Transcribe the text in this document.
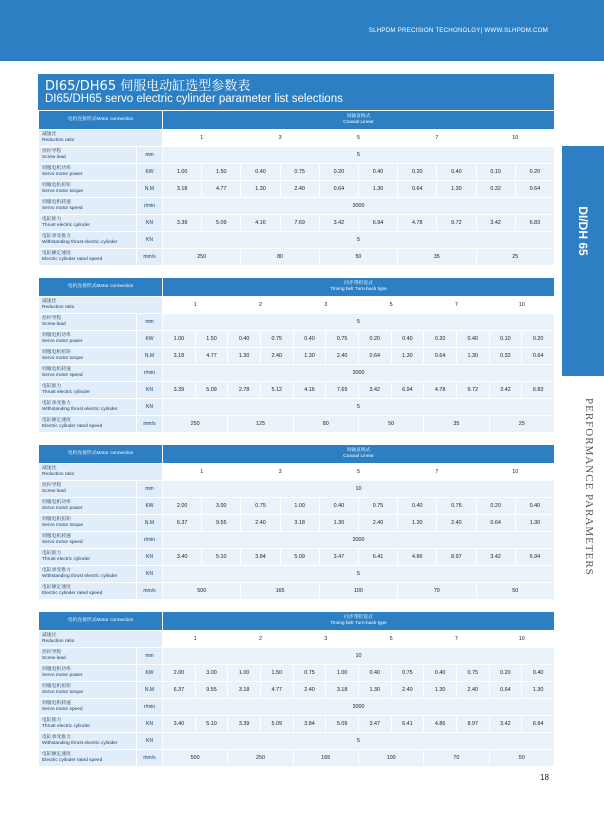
SLHPDM PRECISION TECHONOLGY| WWW.SLHPDM.COM
DI65/DH65 伺服电动缸选型参数表
DI65/DH65 servo electric cylinder parameter list selections
DI/DH 65
PERFORMANCE PARAMETERS
电机连接形式Motor connection		同轴直线式
Coaxial Linear									

减速比
Reduction ratio		1		3		5		7		10	

丝杆导程
Screw lead	mm	5									

伺服电机功率
Servo motor power	KW	1.00	1.50	0.40	0.75	0.20	0.40	0.20	0.40	0.10	0.20

伺服电机扭矩
Servo motor torque	N.M	3.18	4.77	1.30	2.40	0.64	1.30	0.64	1.30	0.32	0.64

伺服电机转速
Servo motor speed	r/min	3000									

电缸推力
Thrust electric cylinder	KN	3.39	5.09	4.16	7.69	3.42	6.94	4.78	9.72	3.42	6.83

电缸承受推力
Withstanding thrust electric cylinder	KN	5									

电缸额定速度
Electric cylinder rated speed	mm/s	250		80		50		35		25	
电机连接形式Motor connection		同步带折返式
Timing belt Turn-back type											

减速比
Reduction ratio		1		2		3		5		7		10	

丝杆导程
Screw lead	mm	5											

伺服电机功率
Servo motor power	KW	1.00	1.50	0.40	0.75	0.40	0.75	0.20	0.40	0.20	0.40	0.10	0.20

伺服电机扭矩
Servo motor torque	N.M	3.18	4.77	1.30	2.40	1.30	2.40	0.64	1.30	0.64	1.30	0.32	0.64

伺服电机转速
Servo motor speed	r/min	3000											

电缸推力
Thrust electric cylinder	KN	3.39	5.09	2.78	5.12	4.16	7.69	3.42	6.94	4.78	9.72	3.42	6.83

电缸承受推力
Withstanding thrust electric cylinder	KN	5											

电缸额定速度
Electric cylinder rated speed	mm/s	250		125		80		50		35		25	
电机连接形式Motor connection		同轴直线式
Coaxial Linear									

减速比
Reduction ratio		1		3		5		7		10	

丝杆导程
Screw lead	mm	10									

伺服电机功率
Servo motor power	KW	2.00	3.00	0.75	1.00	0.40	0.75	0.40	0.75	0.20	0.40

伺服电机扭矩
Servo motor torque	N.M	6.37	9.55	2.40	3.18	1.30	2.40	1.30	2.40	0.64	1.30

伺服电机转速
Servo motor speed	r/min	3000									

电缸推力
Thrust electric cylinder	KN	3.40	5.10	3.84	5.09	3.47	6.41	4.86	8.97	3.42	6.94

电缸承受推力
Withstanding thrust electric cylinder	KN	5									

电缸额定速度
Electric cylinder rated speed	mm/s	500		165		100		70		50	
电机连接形式Motor connection		同步带折返式
Timing belt Turn-back type											

减速比
Reduction ratio		1		2		3		5		7		10	

丝杆导程
Screw lead	mm	10											

伺服电机功率
Servo motor power	KW	2.00	3.00	1.00	1.50	0.75	1.00	0.40	0.75	0.40	0.75	0.20	0.40

伺服电机扭矩
Servo motor torque	N.M	6.37	9.55	3.18	4.77	2.40	3.18	1.30	2.40	1.30	2.40	0.64	1.30

伺服电机转速
Servo motor speed	r/min	3000											

电缸推力
Thrust electric cylinder	KN	3.40	5.10	3.39	5.09	3.84	5.09	3.47	6.41	4.86	8.97	3.42	6.94

电缸承受推力
Withstanding thrust electric cylinder	KN	5											

电缸额定速度
Electric cylinder rated speed	mm/s	500		250		165		100		70		50	
18
